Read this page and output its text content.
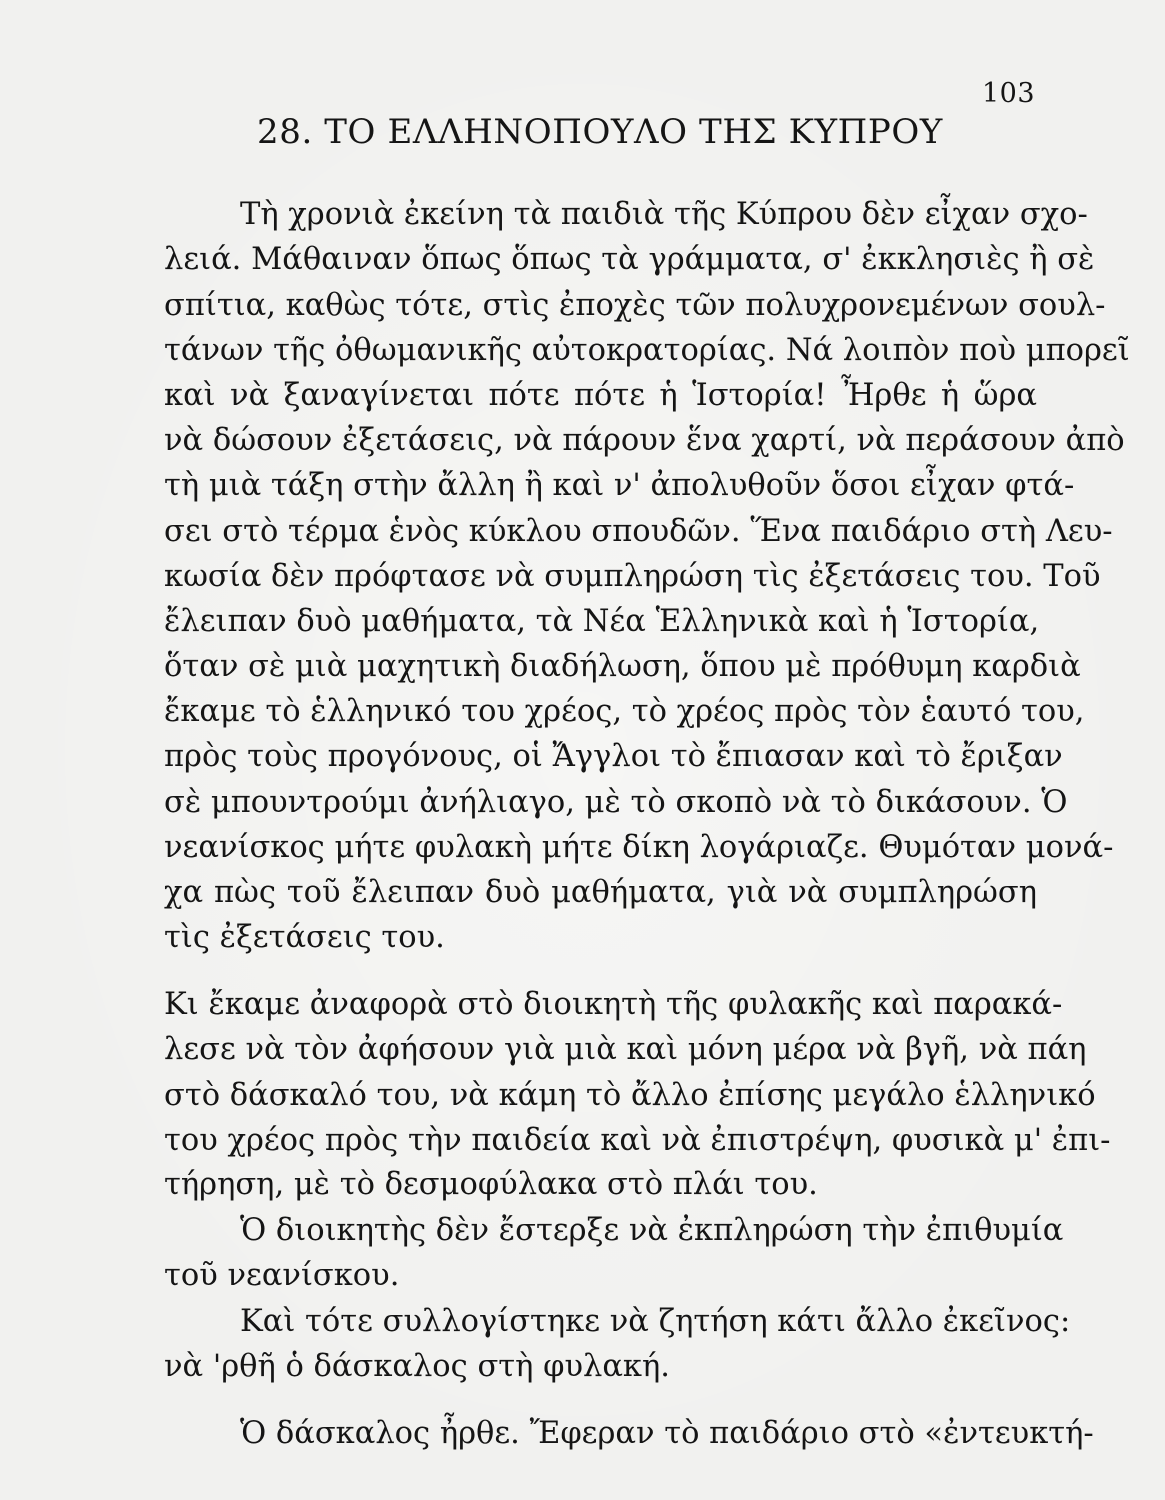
103
28. ΤΟ ΕΛΛΗΝΟΠΟΥΛΟ ΤΗΣ ΚΥΠΡΟΥ
Τὴ χρονιὰ ἐκείνη τὰ παιδιὰ τῆς Κύπρου δὲν εἶχαν σχο-
λειά. Μάθαιναν ὅπως ὅπως τὰ γράμματα, σ' ἐκκλησιὲς ἢ σὲ
σπίτια, καθὼς τότε, στὶς ἐποχὲς τῶν πολυχρονεμένων σουλ-
τάνων τῆς ὀθωμανικῆς αὐτοκρατορίας. Νά λοιπὸν ποὺ μπορεῖ
καὶ νὰ ξαναγίνεται πότε πότε ἡ Ἱστορία! Ἦρθε ἡ ὥρα
νὰ δώσουν ἐξετάσεις, νὰ πάρουν ἕνα χαρτί, νὰ περάσουν ἀπὸ
τὴ μιὰ τάξη στὴν ἄλλη ἢ καὶ ν' ἀπολυθοῦν ὅσοι εἶχαν φτά-
σει στὸ τέρμα ἑνὸς κύκλου σπουδῶν. Ἕνα παιδάριο στὴ Λευ-
κωσία δὲν πρόφτασε νὰ συμπληρώση τὶς ἐξετάσεις του. Τοῦ
ἔλειπαν δυὸ μαθήματα, τὰ Νέα Ἑλληνικὰ καὶ ἡ Ἱστορία,
ὅταν σὲ μιὰ μαχητικὴ διαδήλωση, ὅπου μὲ πρόθυμη καρδιὰ
ἔκαμε τὸ ἑλληνικό του χρέος, τὸ χρέος πρὸς τὸν ἑαυτό του,
πρὸς τοὺς προγόνους, οἱ Ἄγγλοι τὸ ἔπιασαν καὶ τὸ ἔριξαν
σὲ μπουντρούμι ἀνήλιαγο, μὲ τὸ σκοπὸ νὰ τὸ δικάσουν. Ὁ
νεανίσκος μήτε φυλακὴ μήτε δίκη λογάριαζε. Θυμόταν μονά-
χα πὼς τοῦ ἔλειπαν δυὸ μαθήματα, γιὰ νὰ συμπληρώση
τὶς ἐξετάσεις του.
Κι ἔκαμε ἀναφορὰ στὸ διοικητὴ τῆς φυλακῆς καὶ παρακά-
λεσε νὰ τὸν ἀφήσουν γιὰ μιὰ καὶ μόνη μέρα νὰ βγῆ, νὰ πάη
στὸ δάσκαλό του, νὰ κάμη τὸ ἄλλο ἐπίσης μεγάλο ἑλληνικό
του χρέος πρὸς τὴν παιδεία καὶ νὰ ἐπιστρέψη, φυσικὰ μ' ἐπι-
τήρηση, μὲ τὸ δεσμοφύλακα στὸ πλάι του.
Ὁ διοικητὴς δὲν ἔστερξε νὰ ἐκπληρώση τὴν ἐπιθυμία
τοῦ νεανίσκου.
Καὶ τότε συλλογίστηκε νὰ ζητήση κάτι ἄλλο ἐκεῖνος:
νὰ 'ρθῆ ὁ δάσκαλος στὴ φυλακή.
Ὁ δάσκαλος ἦρθε. Ἔφεραν τὸ παιδάριο στὸ «ἐντευκτή-
